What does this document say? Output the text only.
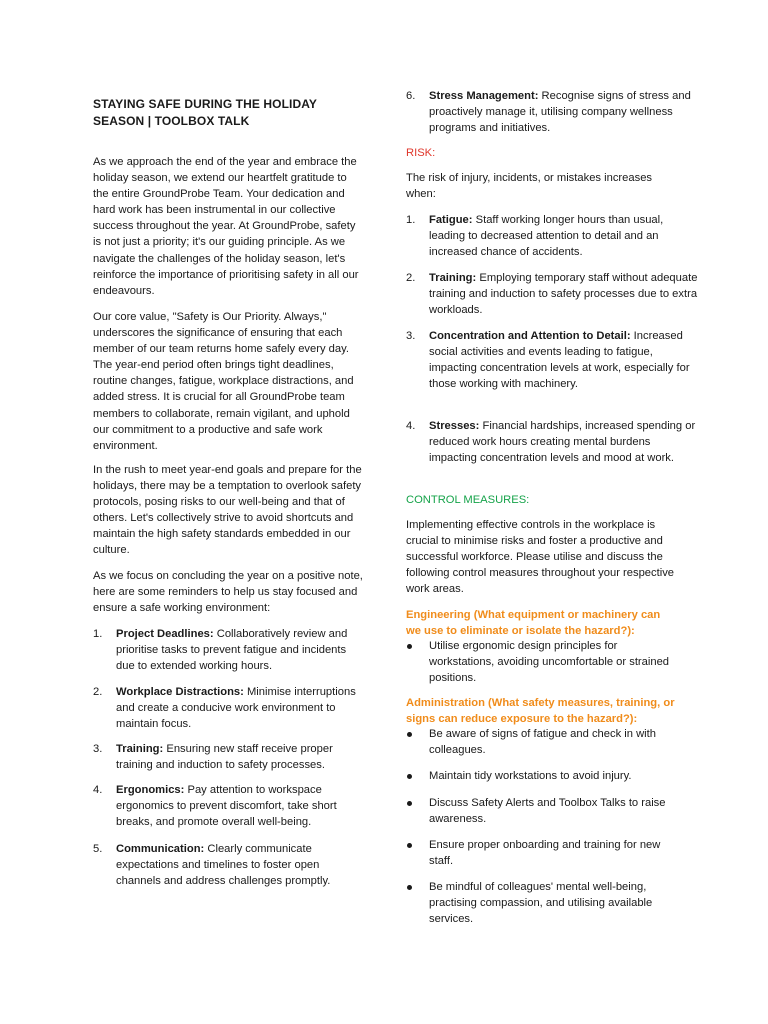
STAYING SAFE DURING THE HOLIDAY SEASON | TOOLBOX TALK

As we approach the end of the year and embrace the holiday season, we extend our heartfelt gratitude to the entire GroundProbe Team. Your dedication and hard work has been instrumental in our collective success throughout the year. At GroundProbe, safety is not just a priority; it's our guiding principle. As we navigate the challenges of the holiday season, let's reinforce the importance of prioritising safety in all our endeavours.

Our core value, "Safety is Our Priority. Always," underscores the significance of ensuring that each member of our team returns home safely every day. The year-end period often brings tight deadlines, routine changes, fatigue, workplace distractions, and added stress. It is crucial for all GroundProbe team members to collaborate, remain vigilant, and uphold our commitment to a productive and safe work environment.

In the rush to meet year-end goals and prepare for the holidays, there may be a temptation to overlook safety protocols, posing risks to our well-being and that of others. Let's collectively strive to avoid shortcuts and maintain the high safety standards embedded in our culture.

As we focus on concluding the year on a positive note, here are some reminders to help us stay focused and ensure a safe working environment:

1. Project Deadlines: Collaboratively review and prioritise tasks to prevent fatigue and incidents due to extended working hours.
2. Workplace Distractions: Minimise interruptions and create a conducive work environment to maintain focus.
3. Training: Ensuring new staff receive proper training and induction to safety processes.
4. Ergonomics: Pay attention to workspace ergonomics to prevent discomfort, take short breaks, and promote overall well-being.
5. Communication: Clearly communicate expectations and timelines to foster open channels and address challenges promptly.
6. Stress Management: Recognise signs of stress and proactively manage it, utilising company wellness programs and initiatives.
RISK:

The risk of injury, incidents, or mistakes increases when:

1. Fatigue: Staff working longer hours than usual, leading to decreased attention to detail and an increased chance of accidents.
2. Training: Employing temporary staff without adequate training and induction to safety processes due to extra workloads.
3. Concentration and Attention to Detail: Increased social activities and events leading to fatigue, impacting concentration levels at work, especially for those working with machinery.
4. Stresses: Financial hardships, increased spending or reduced work hours creating mental burdens impacting concentration levels and mood at work.
CONTROL MEASURES:

Implementing effective controls in the workplace is crucial to minimise risks and foster a productive and successful workforce. Please utilise and discuss the following control measures throughout your respective work areas.

Engineering (What equipment or machinery can we use to eliminate or isolate the hazard?):
Utilise ergonomic design principles for workstations, avoiding uncomfortable or strained positions.
Administration (What safety measures, training, or signs can reduce exposure to the hazard?):
Be aware of signs of fatigue and check in with colleagues.
Maintain tidy workstations to avoid injury.
Discuss Safety Alerts and Toolbox Talks to raise awareness.
Ensure proper onboarding and training for new staff.
Be mindful of colleagues' mental well-being, practising compassion, and utilising available services.
